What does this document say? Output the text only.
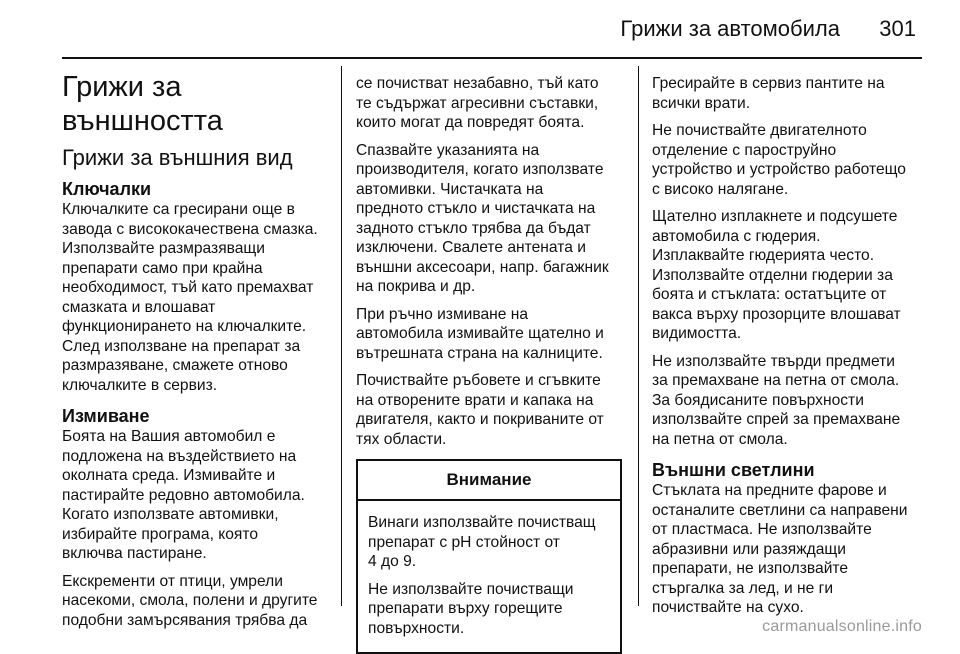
Грижи за автомобила 301
Грижи за външността
Грижи за външния вид
Ключалки

Ключалките са гресирани още в
завода с висококачествена смазка.
Използвайте размразяващи
препарати само при крайна
необходимост, тъй като премахват
смазката и влошават
функционирането на ключалките.
След използване на препарат за
размразяване, смажете отново
ключалките в сервиз.

Измиване

Боята на Вашия автомобил е
подложена на въздействието на
околната среда. Измивайте и
пастирайте редовно автомобила.
Когато използвате автомивки,
избирайте програма, която
включва пастиране.

Екскременти от птици, умрели
насекоми, смола, полени и другите
подобни замърсявания трябва да

се почистват незабавно, тъй като
те съдържат агресивни съставки,
които могат да повредят боята.

Спазвайте указанията на
производителя, когато използвате
автомивки. Чистачката на
предното стъкло и чистачката на
задното стъкло трябва да бъдат
изключени. Свалете антената и
външни аксесоари, напр. багажник
на покрива и др.

При ръчно измиване на
автомобила измивайте щателно и
вътрешната страна на калниците.

Почиствайте ръбовете и сгъвките
на отворените врати и капака на
двигателя, както и покриваните от
тях области.

Внимание

Винаги използвайте почистващ
препарат с pH стойност от
4 до 9.

Не използвайте почистващи
препарати върху горещите
повърхности.

Гресирайте в сервиз пантите на
всички врати.

Не почиствайте двигателното
отделение с пароструйно
устройство и устройство работещо
с високо налягане.

Щателно изплакнете и подсушете
автомобила с гюдерия.
Изплаквайте гюдерията често.
Използвайте отделни гюдерии за
боята и стъклата: остатъците от
вакса върху прозорците влошават
видимостта.

Не използвайте твърди предмети
за премахване на петна от смола.
За боядисаните повърхности
използвайте спрей за премахване
на петна от смола.

Външни светлини

Стъклата на предните фарове и
останалите светлини са направени
от пластмаса. Не използвайте
абразивни или разяждащи
препарати, не използвайте
стъргалка за лед, и не ги
почиствайте на сухо.

carmanualsonline.info
